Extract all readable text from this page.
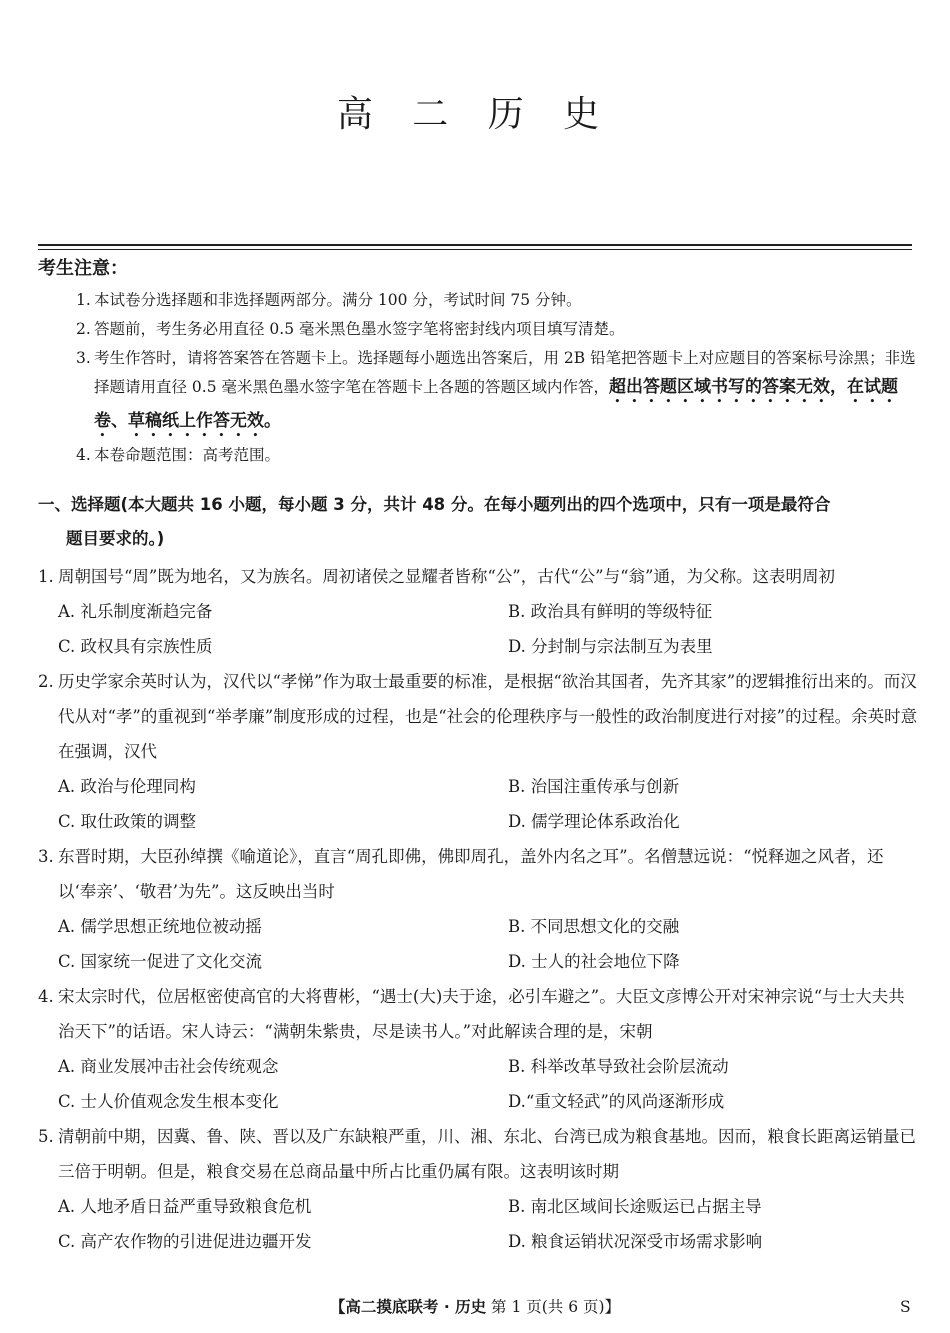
高 二 历 史
考生注意：
1. 本试卷分选择题和非选择题两部分。满分 100 分，考试时间 75 分钟。
2. 答题前，考生务必用直径 0.5 毫米黑色墨水签字笔将密封线内项目填写清楚。
3. 考生作答时，请将答案答在答题卡上。选择题每小题选出答案后，用 2B 铅笔把答题卡上对应题目的答案标号涂黑；非选择题请用直径 0.5 毫米黑色墨水签字笔在答题卡上各题的答题区域内作答，超出答题区域书写的答案无效，在试题卷、草稿纸上作答无效。
4. 本卷命题范围：高考范围。
一、选择题(本大题共 16 小题，每小题 3 分，共计 48 分。在每小题列出的四个选项中，只有一项是最符合
题目要求的。)
1. 周朝国号“周”既为地名，又为族名。周初诸侯之显耀者皆称“公”，古代“公”与“翁”通，为父称。这表明周初
A. 礼乐制度渐趋完备	B. 政治具有鲜明的等级特征
C. 政权具有宗族性质	D. 分封制与宗法制互为表里
2. 历史学家余英时认为，汉代以“孝悌”作为取士最重要的标准，是根据“欲治其国者，先齐其家”的逻辑推衍出来的。而汉代从对“孝”的重视到“举孝廉”制度形成的过程，也是“社会的伦理秩序与一般性的政治制度进行对接”的过程。余英时意在强调，汉代
A. 政治与伦理同构	B. 治国注重传承与创新
C. 取仕政策的调整	D. 儒学理论体系政治化
3. 东晋时期，大臣孙绰撰《喻道论》，直言“周孔即佛，佛即周孔，盖外内名之耳”。名僧慧远说：“悦释迦之风者，还以‘奉亲’、‘敬君’为先”。这反映出当时
A. 儒学思想正统地位被动摇	B. 不同思想文化的交融
C. 国家统一促进了文化交流	D. 士人的社会地位下降
4. 宋太宗时代，位居枢密使高官的大将曹彬，“遇士(大)夫于途，必引车避之”。大臣文彦博公开对宋神宗说“与士大夫共治天下”的话语。宋人诗云：“满朝朱紫贵，尽是读书人。”对此解读合理的是，宋朝
A. 商业发展冲击社会传统观念	B. 科举改革导致社会阶层流动
C. 士人价值观念发生根本变化	D.“重文轻武”的风尚逐渐形成
5. 清朝前中期，因冀、鲁、陕、晋以及广东缺粮严重，川、湘、东北、台湾已成为粮食基地。因而，粮食长距离运销量已三倍于明朝。但是，粮食交易在总商品量中所占比重仍属有限。这表明该时期
A. 人地矛盾日益严重导致粮食危机	B. 南北区域间长途贩运已占据主导
C. 高产农作物的引进促进边疆开发	D. 粮食运销状况深受市场需求影响
【高二摸底联考 · 历史 第 1 页(共 6 页)】	S
